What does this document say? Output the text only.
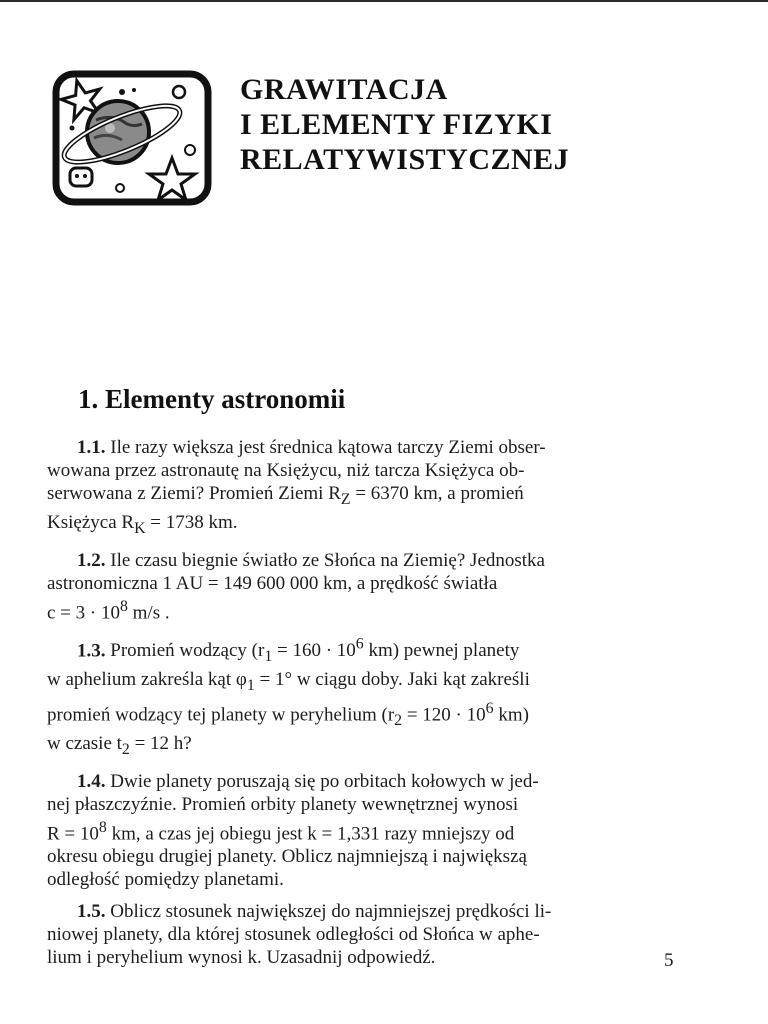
GRAWITACJA
I ELEMENTY FIZYKI
RELATYWISTYCZNEJ
1. Elementy astronomii
1.1. Ile razy większa jest średnica kątowa tarczy Ziemi obser-
wowana przez astronautę na Księżycu, niż tarcza Księżyca ob-
serwowana z Ziemi? Promień Ziemi $R_Z = 6370$ km, a promień
Księżyca $R_K = 1738$ km.
1.2. Ile czasu biegnie światło ze Słońca na Ziemię? Jednostka
astronomiczna 1 AU = 149 600 000 km, a prędkość światła
$c = 3 \cdot 10^8$ m/s .
1.3. Promień wodzący ($r_1 = 160 \cdot 10^6$ km) pewnej planety
w aphelium zakreśla kąt $\varphi_1 = 1^\circ$ w ciągu doby. Jaki kąt zakreśli
promień wodzący tej planety w peryhelium ($r_2 = 120 \cdot 10^6$ km)
w czasie $t_2 = 12$ h?
1.4. Dwie planety poruszają się po orbitach kołowych w jed-
nej płaszczyźnie. Promień orbity planety wewnętrznej wynosi
$R = 10^8$ km, a czas jej obiegu jest k = 1,331 razy mniejszy od
okresu obiegu drugiej planety. Oblicz najmniejszą i największą
odległość pomiędzy planetami.
1.5. Oblicz stosunek największej do najmniejszej prędkości li-
niowej planety, dla której stosunek odległości od Słońca w aphe-
lium i peryhelium wynosi k. Uzasadnij odpowiedź.	5
